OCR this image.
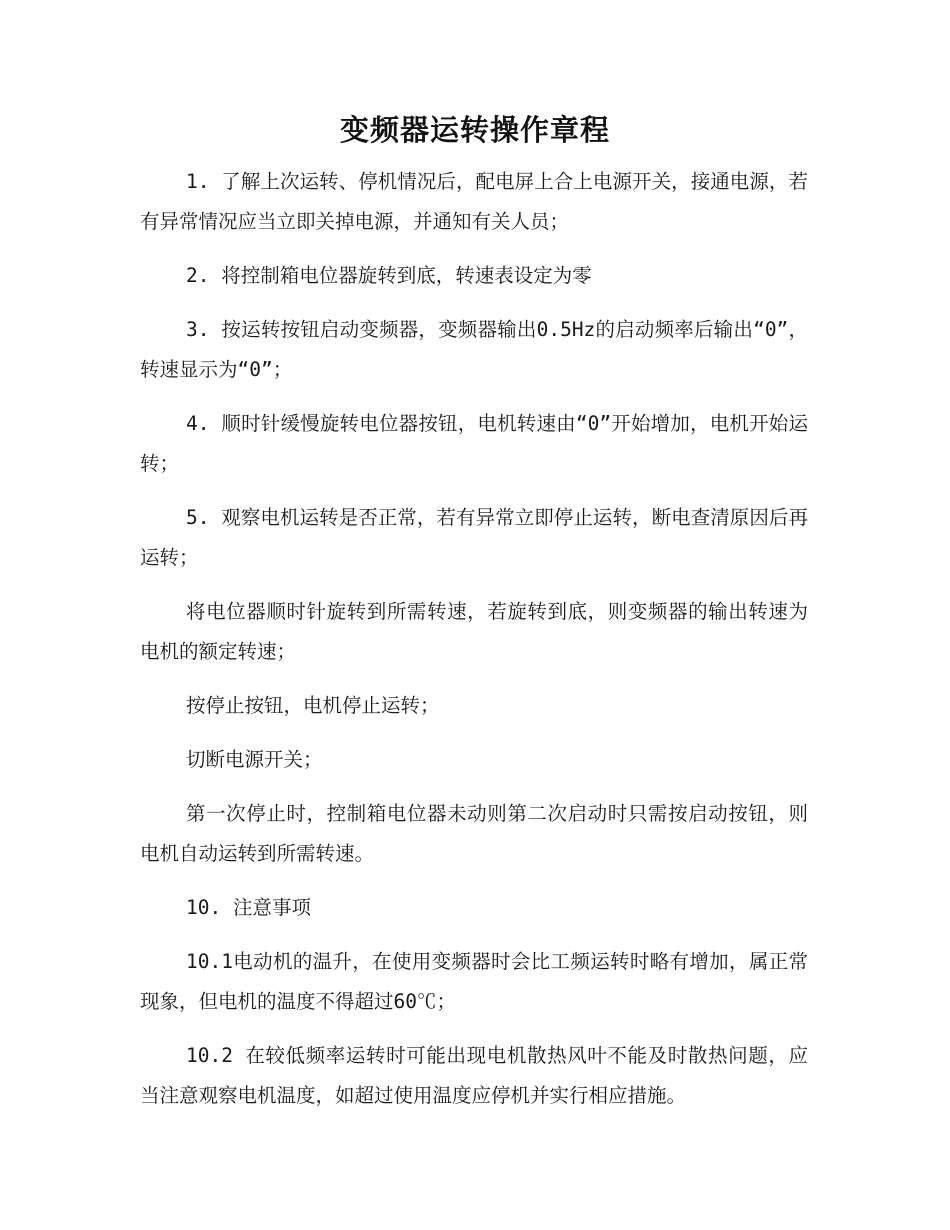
变频器运转操作章程

1. 了解上次运转、停机情况后，配电屏上合上电源开关，接通电源，若有异常情况应当立即关掉电源，并通知有关人员；

2. 将控制箱电位器旋转到底，转速表设定为零

3. 按运转按钮启动变频器，变频器输出0.5Hz的启动频率后输出“0”，转速显示为“0”；

4. 顺时针缓慢旋转电位器按钮，电机转速由“0”开始增加，电机开始运转；

5. 观察电机运转是否正常，若有异常立即停止运转，断电查清原因后再运转；

将电位器顺时针旋转到所需转速，若旋转到底，则变频器的输出转速为电机的额定转速；

按停止按钮，电机停止运转；

切断电源开关；

第一次停止时，控制箱电位器未动则第二次启动时只需按启动按钮，则电机自动运转到所需转速。

10. 注意事项

10.1电动机的温升，在使用变频器时会比工频运转时略有增加，属正常现象，但电机的温度不得超过60℃；

10.2 在较低频率运转时可能出现电机散热风叶不能及时散热问题，应当注意观察电机温度，如超过使用温度应停机并实行相应措施。
